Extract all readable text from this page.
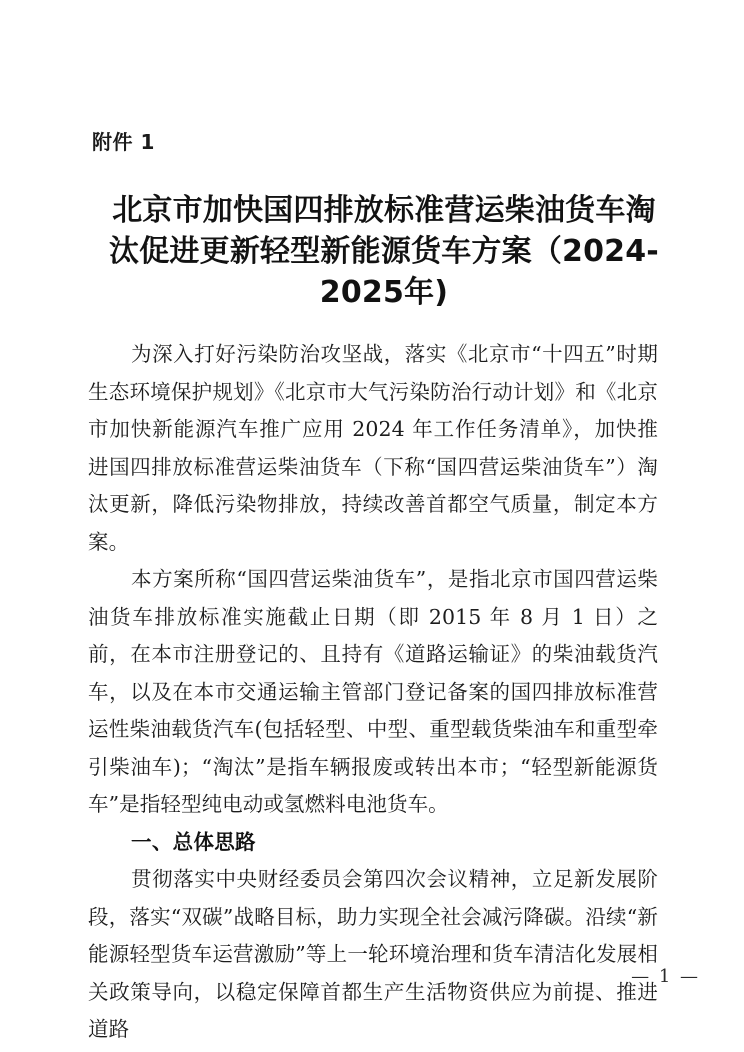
附件 1
北京市加快国四排放标准营运柴油货车淘汰促进更新轻型新能源货车方案（2024-2025年)

为深入打好污染防治攻坚战，落实《北京市“十四五”时期生态环境保护规划》《北京市大气污染防治行动计划》和《北京市加快新能源汽车推广应用 2024 年工作任务清单》，加快推进国四排放标准营运柴油货车（下称“国四营运柴油货车”）淘汰更新，降低污染物排放，持续改善首都空气质量，制定本方案。

本方案所称“国四营运柴油货车”，是指北京市国四营运柴油货车排放标准实施截止日期（即 2015 年 8 月 1 日）之前，在本市注册登记的、且持有《道路运输证》的柴油载货汽车，以及在本市交通运输主管部门登记备案的国四排放标准营运性柴油载货汽车(包括轻型、中型、重型载货柴油车和重型牵引柴油车)；“淘汰”是指车辆报废或转出本市；“轻型新能源货车”是指轻型纯电动或氢燃料电池货车。

一、总体思路

贯彻落实中央财经委员会第四次会议精神，立足新发展阶段，落实“双碳”战略目标，助力实现全社会减污降碳。沿续“新能源轻型货车运营激励”等上一轮环境治理和货车清洁化发展相关政策导向，以稳定保障首都生产生活物资供应为前提、推进道路

— 1 —
